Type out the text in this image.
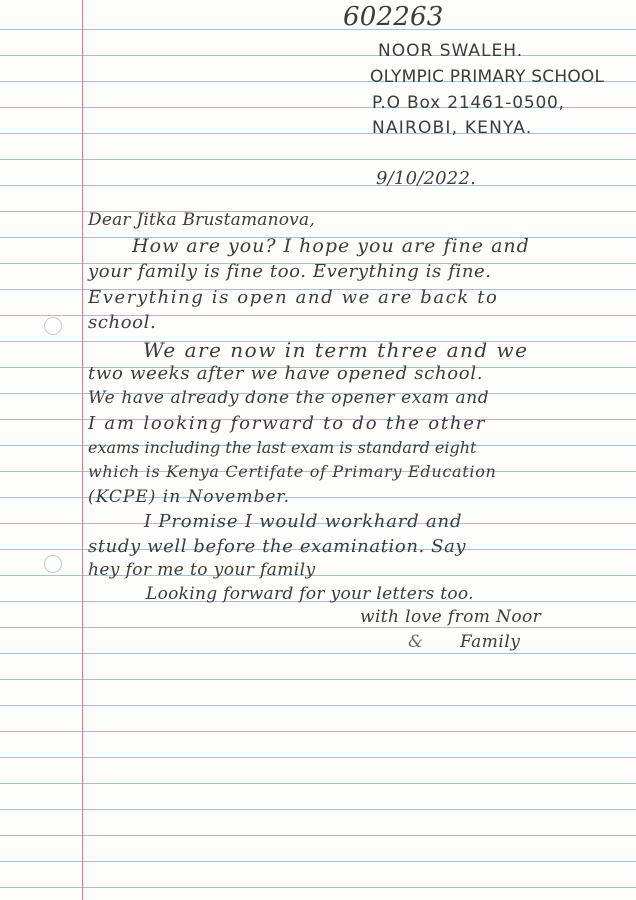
602263
NOOR SWALEH.
OLYMPIC PRIMARY SCHOOL
P.O Box 21461-0500,
NAIROBI, KENYA.
9/10/2022.
Dear Jitka Brustamanova,
How are you? I hope you are fine and
your family is fine too. Everything is fine.
Everything is open and we are back to
school.
We are now in term three and we
two weeks after we have opened school.
We have already done the opener exam and
I am looking forward to do the other
exams including the last exam is standard eight
which is Kenya Certifate of Primary Education
(KCPE) in November.
I Promise I would workhard and
study well before the examination. Say
hey for me to your family
Looking forward for your letters too.
with love from Noor
& Family
